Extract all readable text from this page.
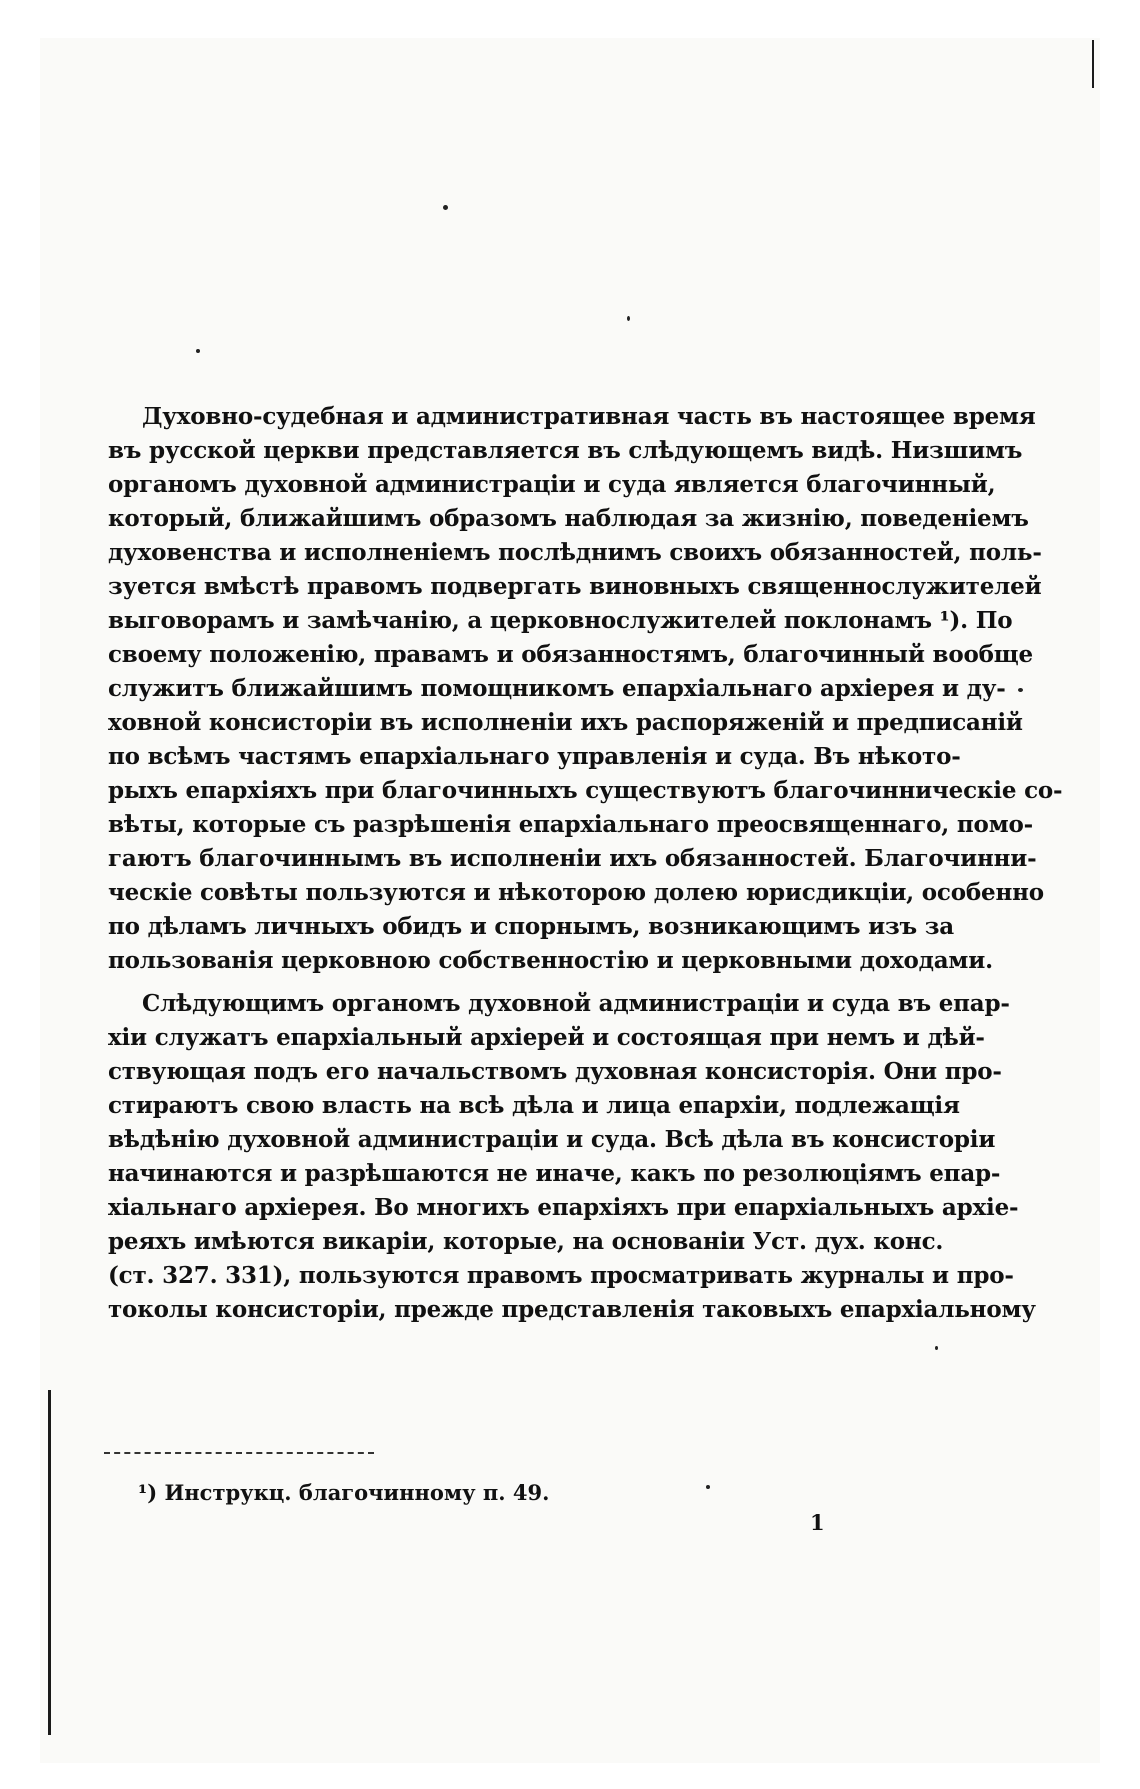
Духовно-судебная и административная часть въ настоящее время
въ русской церкви представляется въ слѣдующемъ видѣ. Низшимъ
органомъ духовной администраціи и суда является благочинный,
который, ближайшимъ образомъ наблюдая за жизнію, поведеніемъ
духовенства и исполненіемъ послѣднимъ своихъ обязанностей, поль-
зуется вмѣстѣ правомъ подвергать виновныхъ священнослужителей
выговорамъ и замѣчанію, а церковнослужителей поклонамъ ¹). По
своему положенію, правамъ и обязанностямъ, благочинный вообще
служитъ ближайшимъ помощникомъ епархіальнаго архіерея и ду-
ховной консисторіи въ исполненіи ихъ распоряженій и предписаній
по всѣмъ частямъ епархіальнаго управленія и суда. Въ нѣкото-
рыхъ епархіяхъ при благочинныхъ существуютъ благочинническіе со-
вѣты, которые съ разрѣшенія епархіальнаго преосвященнаго, помо-
гаютъ благочиннымъ въ исполненіи ихъ обязанностей. Благочинни-
ческіе совѣты пользуются и нѣкоторою долею юрисдикціи, особенно
по дѣламъ личныхъ обидъ и спорнымъ, возникающимъ изъ за
пользованія церковною собственностію и церковными доходами.
Слѣдующимъ органомъ духовной администраціи и суда въ епар-
хіи служатъ епархіальный архіерей и состоящая при немъ и дѣй-
ствующая подъ его начальствомъ духовная консисторія. Они про-
стираютъ свою власть на всѣ дѣла и лица епархіи, подлежащія
вѣдѣнію духовной администраціи и суда. Всѣ дѣла въ консисторіи
начинаются и разрѣшаются не иначе, какъ по резолюціямъ епар-
хіальнаго архіерея. Во многихъ епархіяхъ при епархіальныхъ архіе-
реяхъ имѣются викаріи, которые, на основаніи Уст. дух. конс.
(ст. 327. 331), пользуются правомъ просматривать журналы и про-
токолы консисторіи, прежде представленія таковыхъ епархіальному
¹) Инструкц. благочинному п. 49.
1
